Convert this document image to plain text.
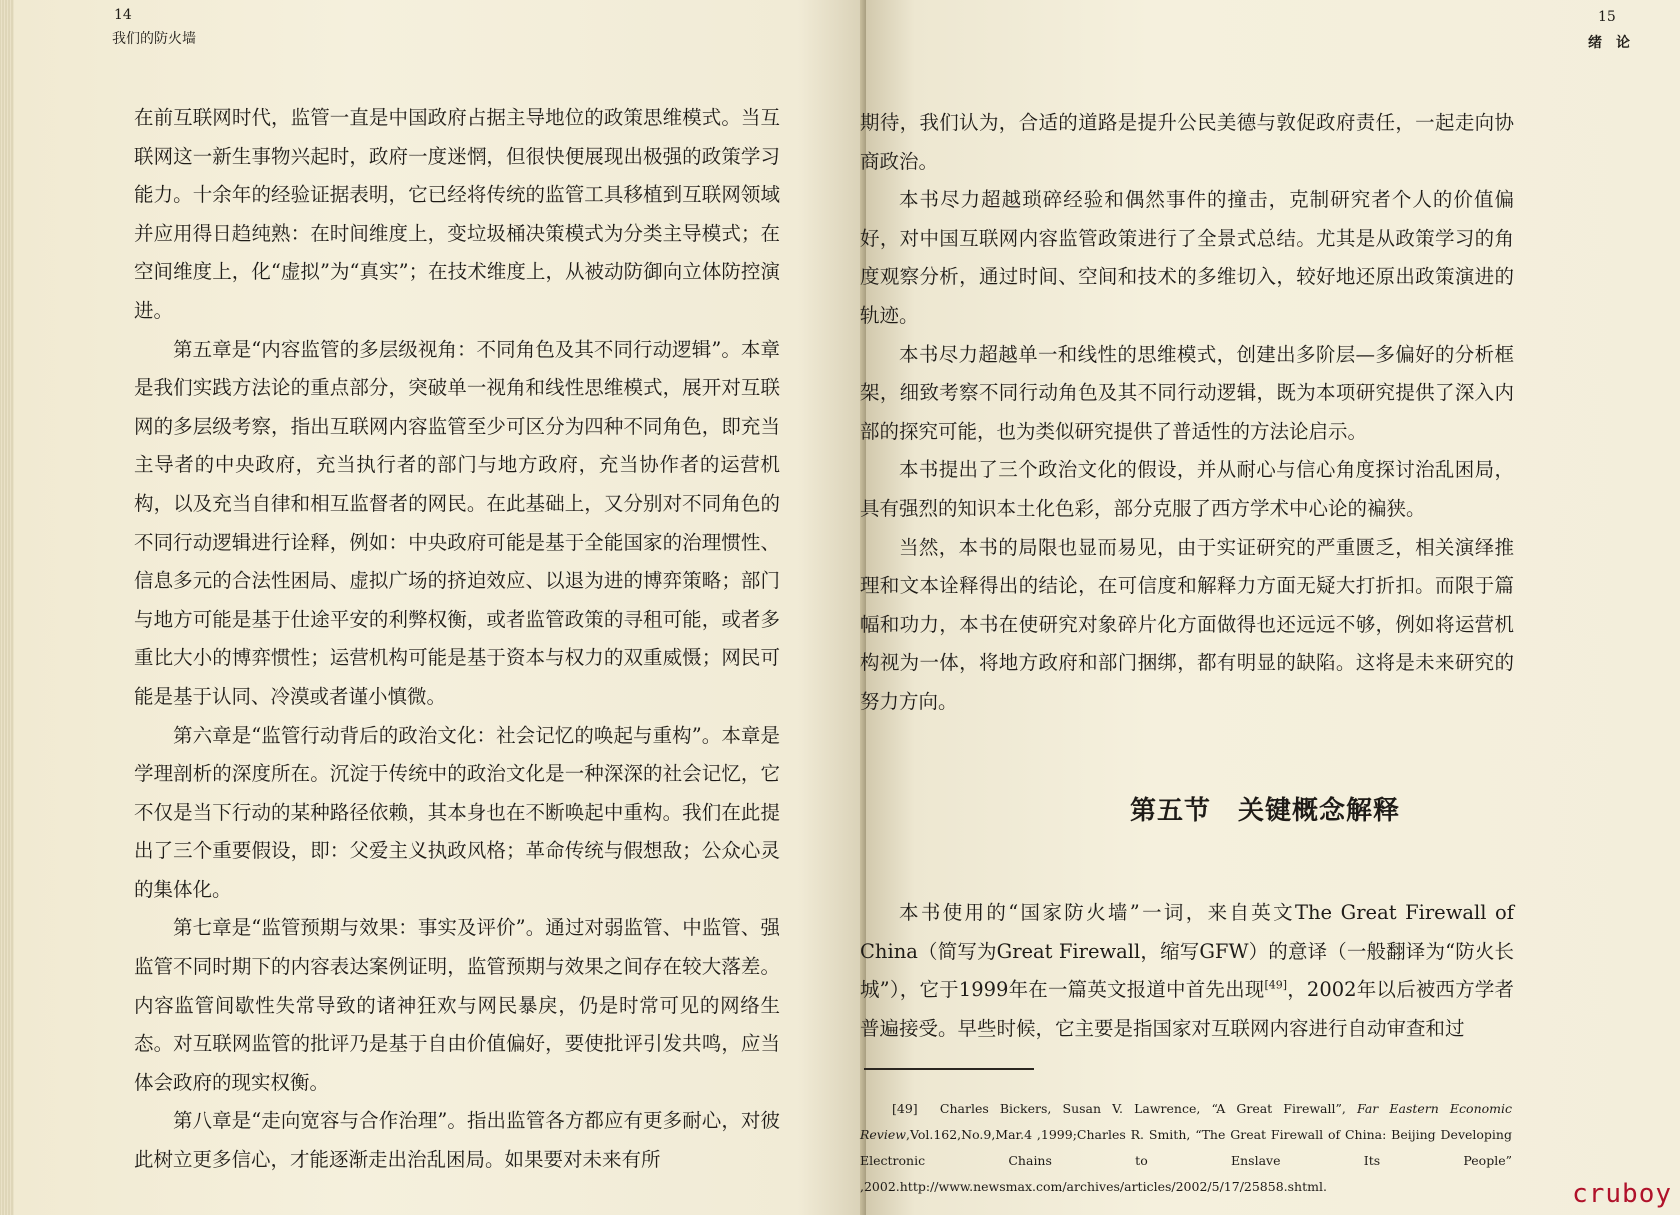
14
我们的防火墙

在前互联网时代，监管一直是中国政府占据主导地位的政策思维模式。当互联网这一新生事物兴起时，政府一度迷惘，但很快便展现出极强的政策学习能力。十余年的经验证据表明，它已经将传统的监管工具移植到互联网领域并应用得日趋纯熟：在时间维度上，变垃圾桶决策模式为分类主导模式；在空间维度上，化“虚拟”为“真实”；在技术维度上，从被动防御向立体防控演进。

第五章是“内容监管的多层级视角：不同角色及其不同行动逻辑”。本章是我们实践方法论的重点部分，突破单一视角和线性思维模式，展开对互联网的多层级考察，指出互联网内容监管至少可区分为四种不同角色，即充当主导者的中央政府，充当执行者的部门与地方政府，充当协作者的运营机构，以及充当自律和相互监督者的网民。在此基础上，又分别对不同角色的不同行动逻辑进行诠释，例如：中央政府可能是基于全能国家的治理惯性、信息多元的合法性困局、虚拟广场的挤迫效应、以退为进的博弈策略；部门与地方可能是基于仕途平安的利弊权衡，或者监管政策的寻租可能，或者多重比大小的博弈惯性；运营机构可能是基于资本与权力的双重威慑；网民可能是基于认同、冷漠或者谨小慎微。

第六章是“监管行动背后的政治文化：社会记忆的唤起与重构”。本章是学理剖析的深度所在。沉淀于传统中的政治文化是一种深深的社会记忆，它不仅是当下行动的某种路径依赖，其本身也在不断唤起中重构。我们在此提出了三个重要假设，即：父爱主义执政风格；革命传统与假想敌；公众心灵的集体化。

第七章是“监管预期与效果：事实及评价”。通过对弱监管、中监管、强监管不同时期下的内容表达案例证明，监管预期与效果之间存在较大落差。内容监管间歇性失常导致的诸神狂欢与网民暴戾，仍是时常可见的网络生态。对互联网监管的批评乃是基于自由价值偏好，要使批评引发共鸣，应当体会政府的现实权衡。

第八章是“走向宽容与合作治理”。指出监管各方都应有更多耐心，对彼此树立更多信心，才能逐渐走出治乱困局。如果要对未来有所

15
绪　论

期待，我们认为，合适的道路是提升公民美德与敦促政府责任，一起走向协商政治。

本书尽力超越琐碎经验和偶然事件的撞击，克制研究者个人的价值偏好，对中国互联网内容监管政策进行了全景式总结。尤其是从政策学习的角度观察分析，通过时间、空间和技术的多维切入，较好地还原出政策演进的轨迹。

本书尽力超越单一和线性的思维模式，创建出多阶层—多偏好的分析框架，细致考察不同行动角色及其不同行动逻辑，既为本项研究提供了深入内部的探究可能，也为类似研究提供了普适性的方法论启示。

本书提出了三个政治文化的假设，并从耐心与信心角度探讨治乱困局，具有强烈的知识本土化色彩，部分克服了西方学术中心论的褊狭。

当然，本书的局限也显而易见，由于实证研究的严重匮乏，相关演绎推理和文本诠释得出的结论，在可信度和解释力方面无疑大打折扣。而限于篇幅和功力，本书在使研究对象碎片化方面做得也还远远不够，例如将运营机构视为一体，将地方政府和部门捆绑，都有明显的缺陷。这将是未来研究的努力方向。

第五节　关键概念解释

本书使用的“国家防火墙”一词，来自英文The Great Firewall of China（简写为Great Firewall，缩写GFW）的意译（一般翻译为“防火长城”），它于1999年在一篇英文报道中首先出现[49]，2002年以后被西方学者普遍接受。早些时候，它主要是指国家对互联网内容进行自动审查和过

[49] Charles Bickers, Susan V. Lawrence, “A Great Firewall”, Far Eastern Economic Review,Vol.162,No.9,Mar.4 ,1999;Charles R. Smith, “The Great Firewall of China: Beijing Developing Electronic Chains to Enslave Its People” ,2002.http://www.newsmax.com/archives/articles/2002/5/17/25858.shtml.	cruboy
